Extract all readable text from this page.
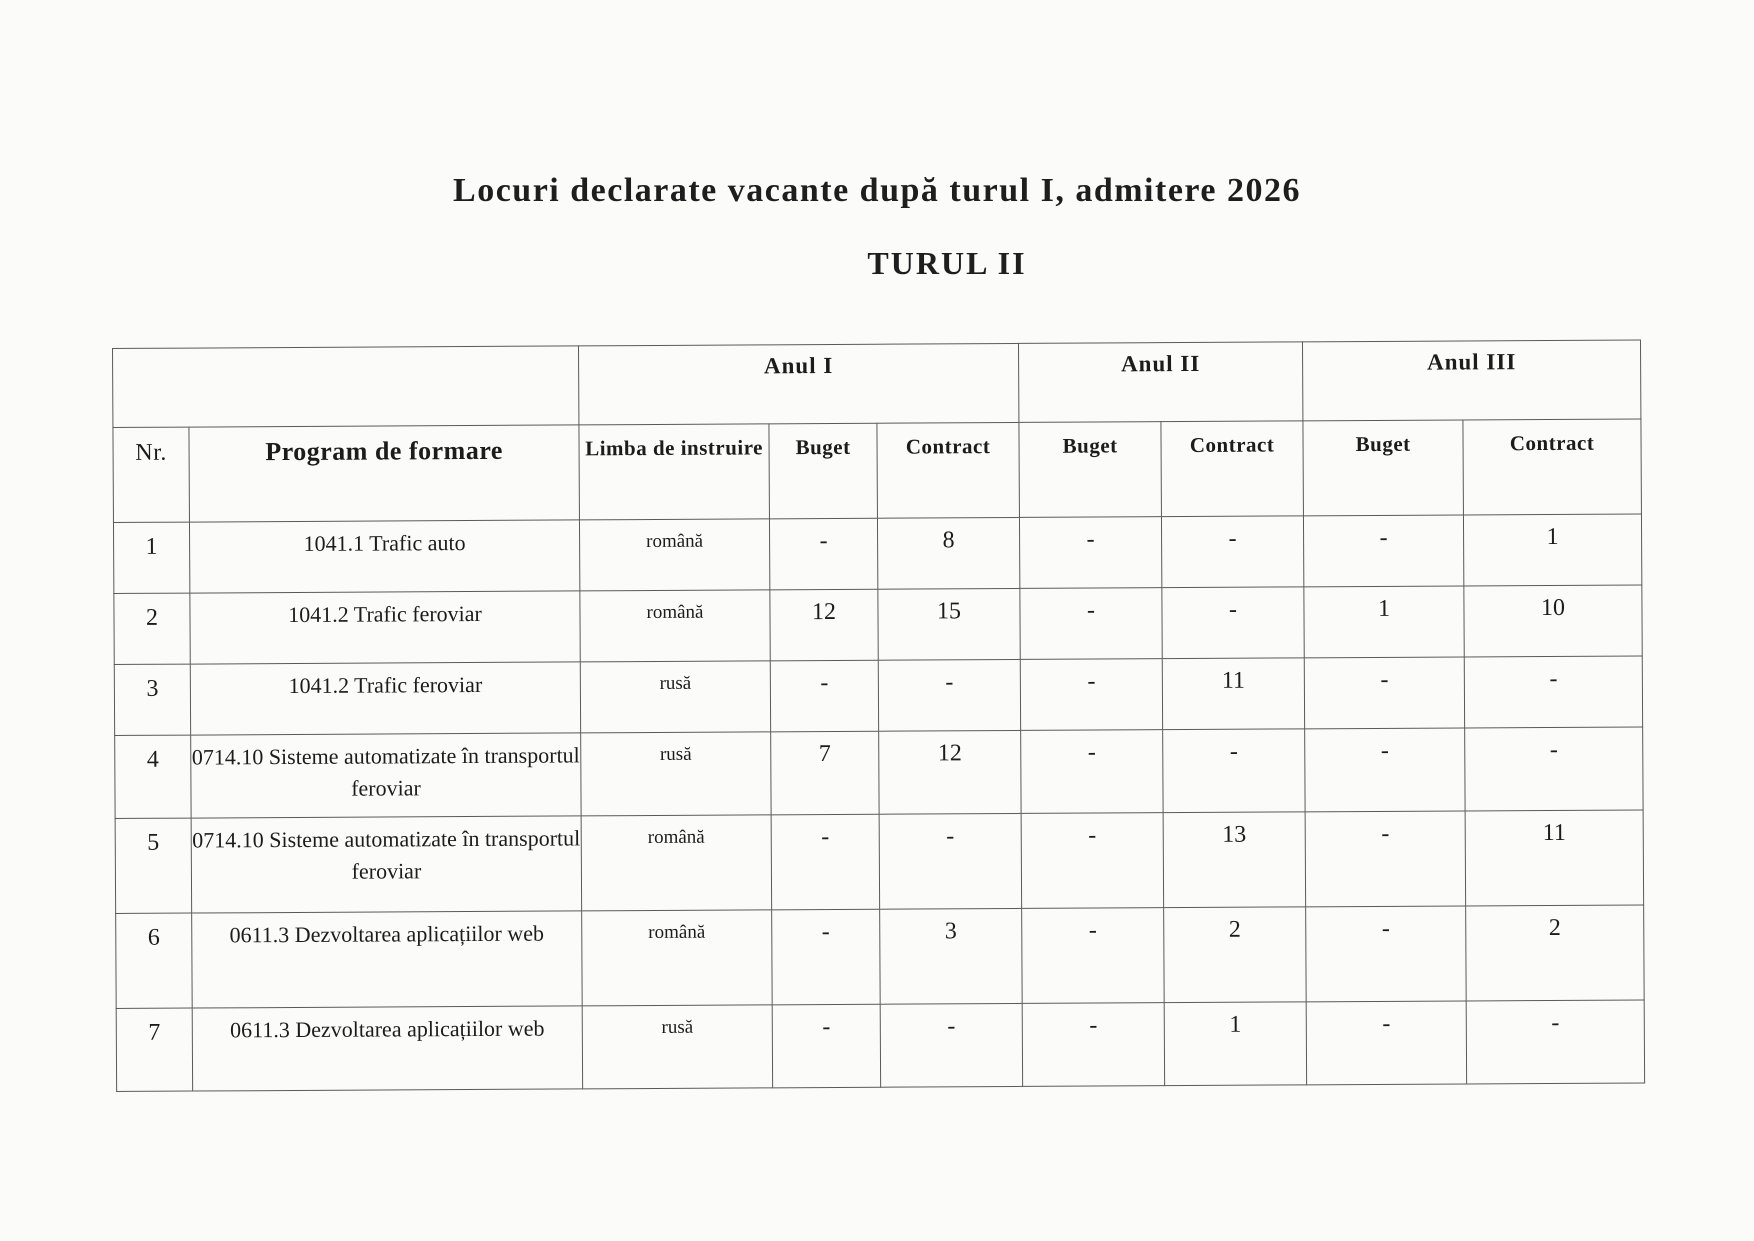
Locuri declarate vacante după turul I, admitere 2026
TURUL II
		Anul I			Anul II		Anul III	
Nr.	Program de formare	Limba de instruire	Buget	Contract	Buget	Contract	Buget	Contract
1	1041.1 Trafic auto	română	-	8	-	-	-	1
2	1041.2 Trafic feroviar	română	12	15	-	-	1	10
3	1041.2 Trafic feroviar	rusă	-	-	-	11	-	-
4	0714.10 Sisteme automatizate în transportul feroviar	rusă	7	12	-	-	-	-
5	0714.10 Sisteme automatizate în transportul feroviar	română	-	-	-	13	-	11
6	0611.3 Dezvoltarea aplicațiilor web	română	-	3	-	2	-	2
7	0611.3 Dezvoltarea aplicațiilor web	rusă	-	-	-	1	-	-
